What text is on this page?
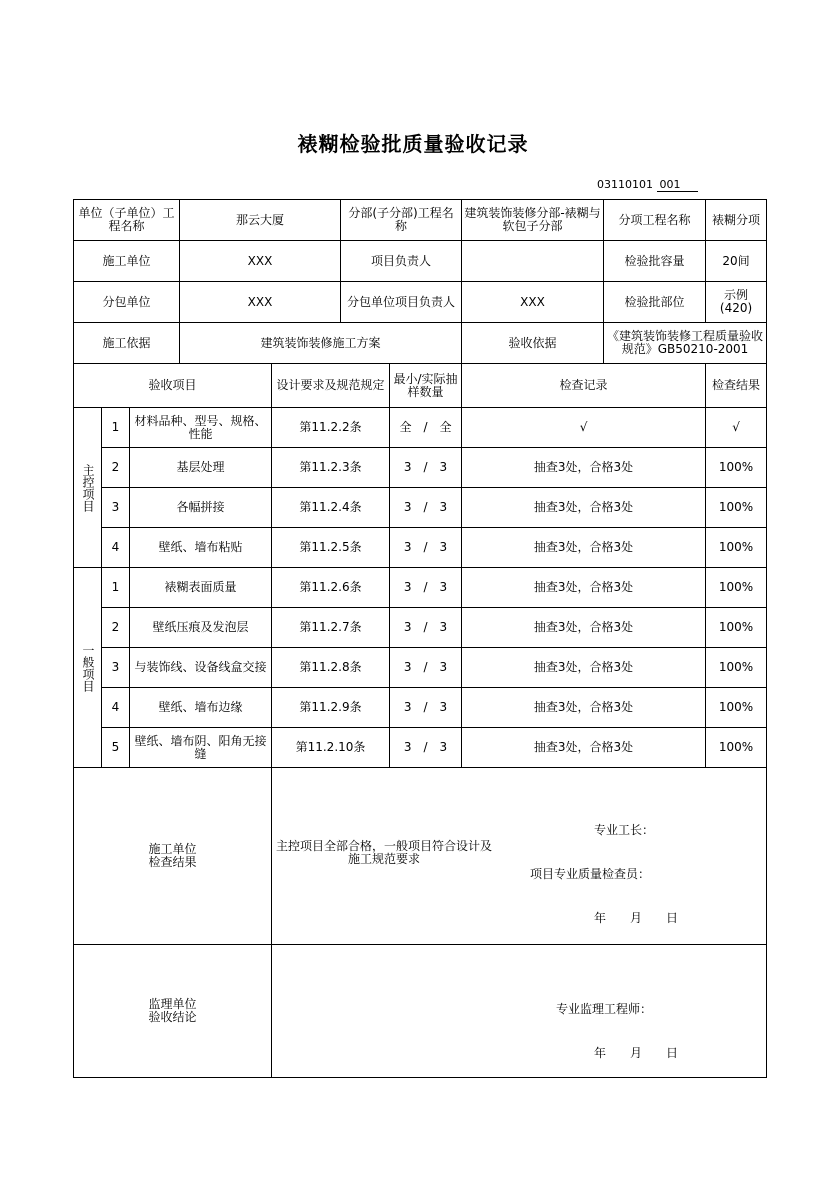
裱糊检验批质量验收记录
03110101 001
单位（子单位）工程名称			那云大厦		分部(子分部)工程名称		建筑装饰装修分部-裱糊与软包子分部	分项工程名称	裱糊分项
施工单位			XXX		项目负责人			检验批容量	20间
分包单位			XXX		分包单位项目负责人		XXX	检验批部位	示例(420)
施工依据			建筑装饰装修施工方案				验收依据	《建筑装饰装修工程质量验收规范》GB50210-2001	
验收项目				设计要求及规范规定		最小/实际抽样数量	检查记录		检查结果
主控项目	1	材料品种、型号、规格、性能		第11.2.2条		全　/　全	√		√
	2	基层处理		第11.2.3条		3　/　3	抽查3处，合格3处		100%
	3	各幅拼接		第11.2.4条		3　/　3	抽查3处，合格3处		100%
	4	壁纸、墙布粘贴		第11.2.5条		3　/　3	抽查3处，合格3处		100%
一般项目	1	裱糊表面质量		第11.2.6条		3　/　3	抽查3处，合格3处		100%
	2	壁纸压痕及发泡层		第11.2.7条		3　/　3	抽查3处，合格3处		100%
	3	与装饰线、设备线盒交接		第11.2.8条		3　/　3	抽查3处，合格3处		100%
	4	壁纸、墙布边缘		第11.2.9条		3　/　3	抽查3处，合格3处		100%
	5	壁纸、墙布阴、阳角无接缝		第11.2.10条		3　/　3	抽查3处，合格3处		100%

施工单位检查结果				主控项目全部合格，一般项目符合设计及施工规范要求
专业工长：
项目专业质量检查员：
年　　月　　日					

监理单位验收结论				专业监理工程师：
年　　月　　日					
